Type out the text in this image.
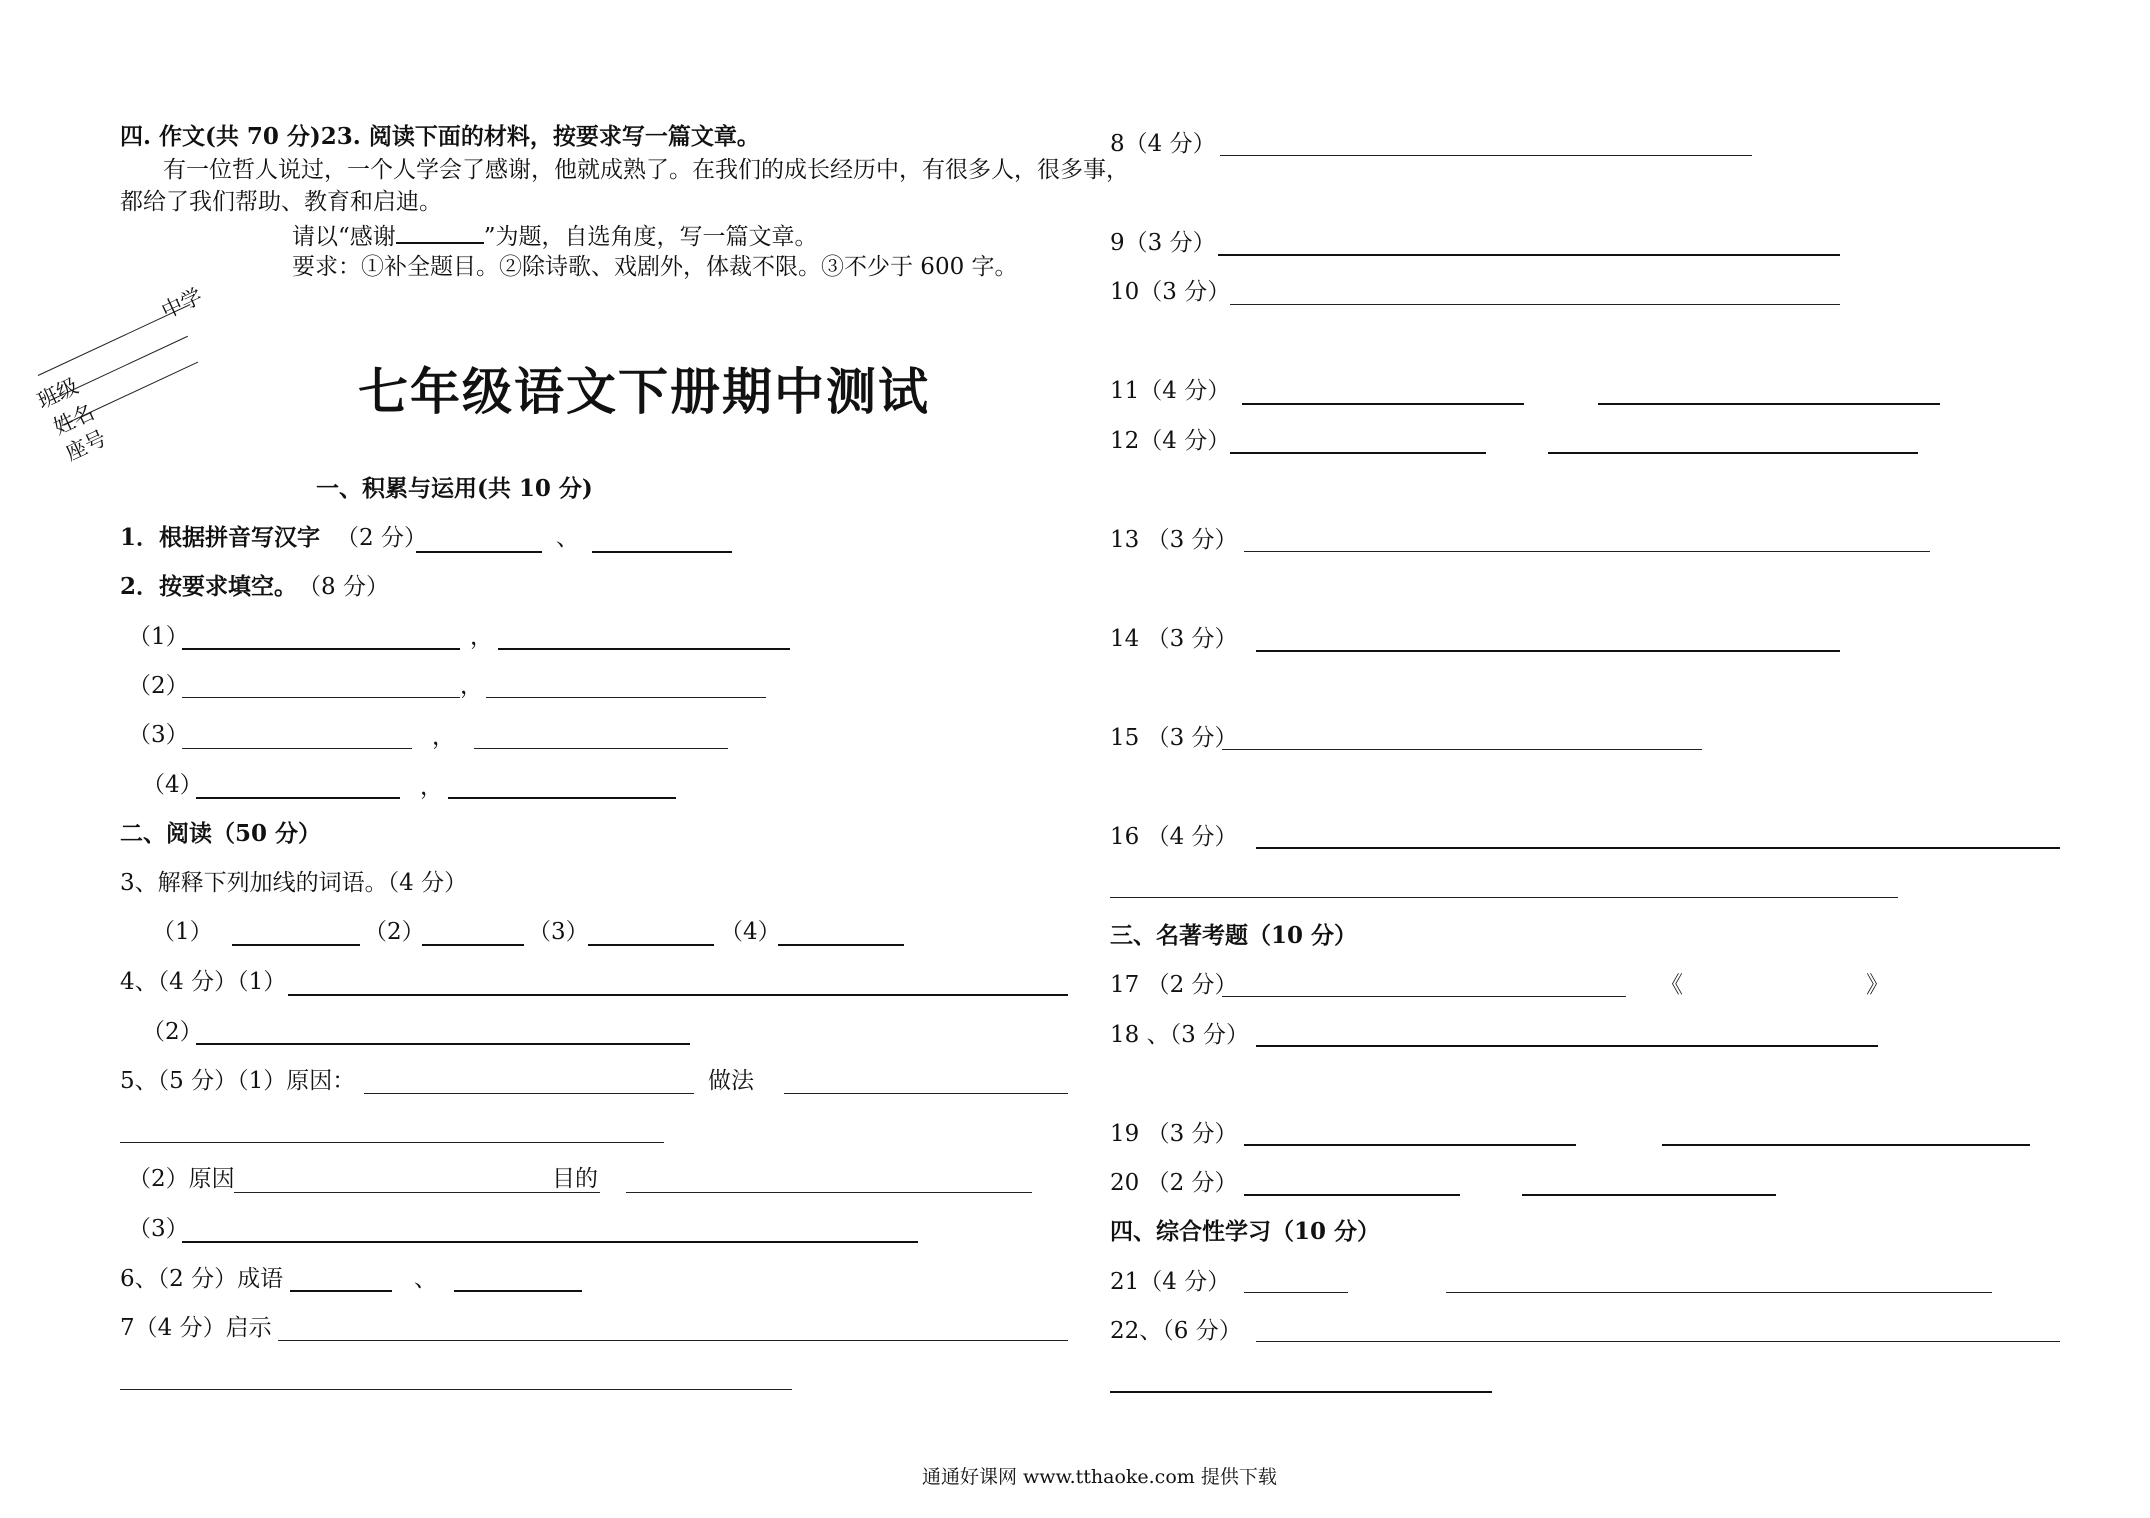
四. 作文(共 70 分)23. 阅读下面的材料，按要求写一篇文章。
有一位哲人说过，一个人学会了感谢，他就成熟了。在我们的成长经历中，有很多人，很多事，
都给了我们帮助、教育和启迪。
请以“感谢	”为题，自选角度，写一篇文章。
要求：①补全题目。②除诗歌、戏剧外，体裁不限。③不少于 600 字。
中学
班级
姓名
座号
七年级语文下册期中测试
一、积累与运用(共 10 分)
1．根据拼音写汉字 （2 分）	、
2．按要求填空。 （8 分）
（1）	，
（2）	，
（3）	，
（4）	，
二、阅读（50 分）
3、解释下列加线的词语。（4 分）
（1）	（2）	（3）	（4）
4、（4 分）（1）
（2）
5、（5 分）（1）原因：	做法
（2）原因	目的
（3）
6、（2 分）成语	、
7（4 分）启示
8（4 分）
9（3 分）
10（3 分）
11（4 分）
12（4 分）
13 （3 分）
14 （3 分）
15 （3 分）
16 （4 分）
三、名著考题（10 分）
17 （2 分）	《	》
18 、（3 分）
19 （3 分）
20 （2 分）
四、综合性学习（10 分）
21（4 分）
22、（6 分）
通通好课网 www.tthaoke.com 提供下载
